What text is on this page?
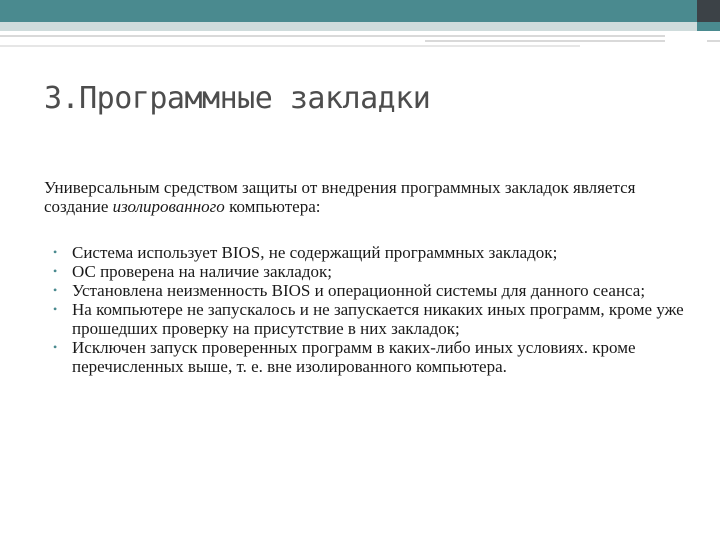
3.Программные закладки

Универсальным средством защиты от внедрения программных закладок является создание изолированного компьютера:

• Система использует BIOS, не содержащий программных закладок;
• ОС проверена на наличие закладок;
• Установлена неизменность BIOS и операционной системы для данного сеанса;
• На компьютере не запускалось и не запускается никаких иных программ, кроме уже прошедших проверку на присутствие в них закладок;
• Исключен запуск проверенных программ в каких-либо иных условиях. кроме перечисленных выше, т. е. вне изолированного компьютера.
